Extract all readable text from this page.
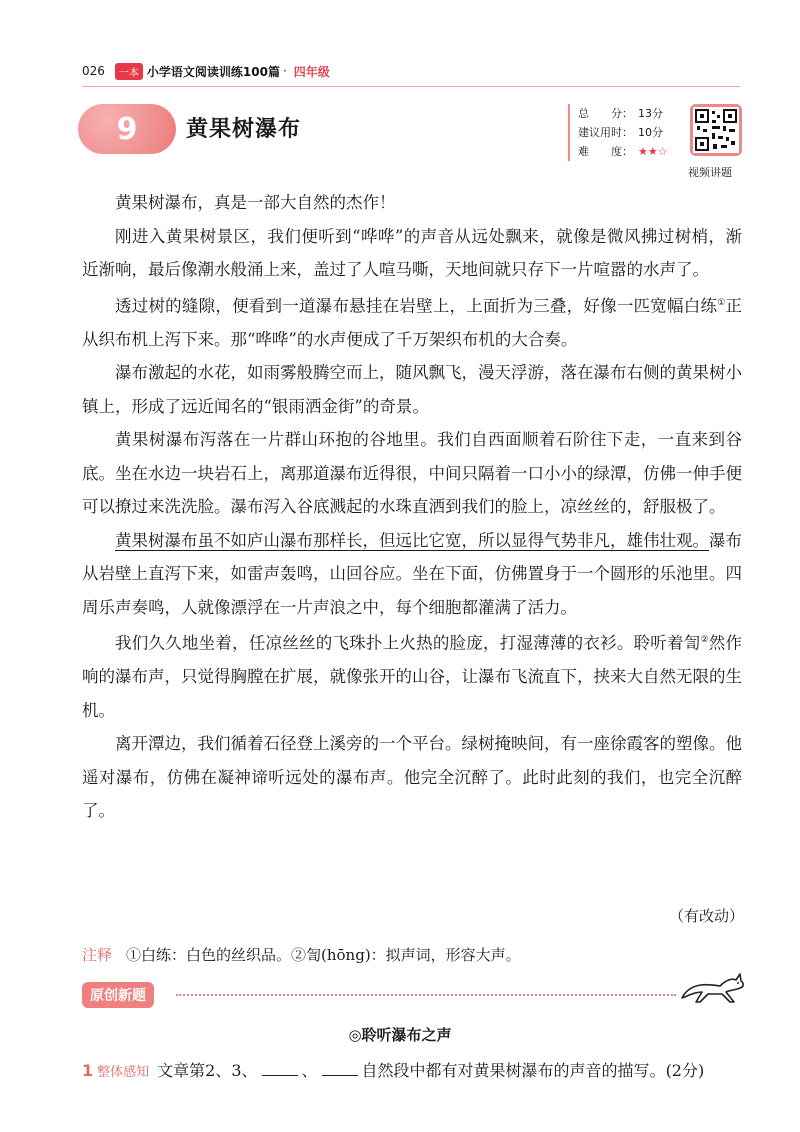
026	一本 小学语文阅读训练100篇 · 四年级
9	黄果树瀑布
总　　分： 13分
建议用时： 10分
难　　度： ★★☆
视频讲题

黄果树瀑布，真是一部大自然的杰作！

刚进入黄果树景区，我们便听到“哗哗”的声音从远处飘来，就像是微风拂过树梢，渐近渐响，最后像潮水般涌上来，盖过了人喧马嘶，天地间就只存下一片喧嚣的水声了。

透过树的缝隙，便看到一道瀑布悬挂在岩壁上，上面折为三叠，好像一匹宽幅白练①正从织布机上泻下来。那“哗哗”的水声便成了千万架织布机的大合奏。

瀑布激起的水花，如雨雾般腾空而上，随风飘飞，漫天浮游，落在瀑布右侧的黄果树小镇上，形成了远近闻名的“银雨洒金街”的奇景。

黄果树瀑布泻落在一片群山环抱的谷地里。我们自西面顺着石阶往下走，一直来到谷底。坐在水边一块岩石上，离那道瀑布近得很，中间只隔着一口小小的绿潭，仿佛一伸手便可以撩过来洗洗脸。瀑布泻入谷底溅起的水珠直洒到我们的脸上，凉丝丝的，舒服极了。

黄果树瀑布虽不如庐山瀑布那样长，但远比它宽，所以显得气势非凡，雄伟壮观。瀑布从岩壁上直泻下来，如雷声轰鸣，山回谷应。坐在下面，仿佛置身于一个圆形的乐池里。四周乐声奏鸣，人就像漂浮在一片声浪之中，每个细胞都灌满了活力。

我们久久地坐着，任凉丝丝的飞珠扑上火热的脸庞，打湿薄薄的衣衫。聆听着訇②然作响的瀑布声，只觉得胸膛在扩展，就像张开的山谷，让瀑布飞流直下，挟来大自然无限的生机。

离开潭边，我们循着石径登上溪旁的一个平台。绿树掩映间，有一座徐霞客的塑像。他遥对瀑布，仿佛在凝神谛听远处的瀑布声。他完全沉醉了。此时此刻的我们，也完全沉醉了。

（有改动）
注释 ①白练：白色的丝织品。②訇(hōng)：拟声词，形容大声。
原创新题
◎聆听瀑布之声
1 整体感知 文章第2、3、	、	自然段中都有对黄果树瀑布的声音的描写。 (2分)
